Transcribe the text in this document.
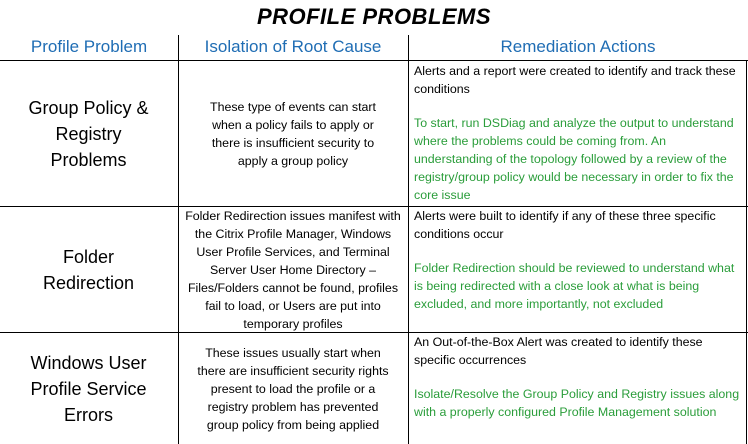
PROFILE PROBLEMS
Profile Problem	Isolation of Root Cause	Remediation Actions
Group Policy & Registry Problems
These type of events can start when a policy fails to apply or there is insufficient security to apply a group policy
Alerts and a report were created to identify and track these conditions
To start, run DSDiag and analyze the output to understand where the problems could be coming from. An understanding of the topology followed by a review of the registry/group policy would be necessary in order to fix the core issue
Folder Redirection
Folder Redirection issues manifest with the Citrix Profile Manager, Windows User Profile Services, and Terminal Server User Home Directory – Files/Folders cannot be found, profiles fail to load, or Users are put into temporary profiles
Alerts were built to identify if any of these three specific conditions occur
Folder Redirection should be reviewed to understand what is being redirected with a close look at what is being excluded, and more importantly, not excluded
Windows User Profile Service Errors
These issues usually start when there are insufficient security rights present to load the profile or a registry problem has prevented group policy from being applied
An Out-of-the-Box Alert was created to identify these specific occurrences
Isolate/Resolve the Group Policy and Registry issues along with a properly configured Profile Management solution
